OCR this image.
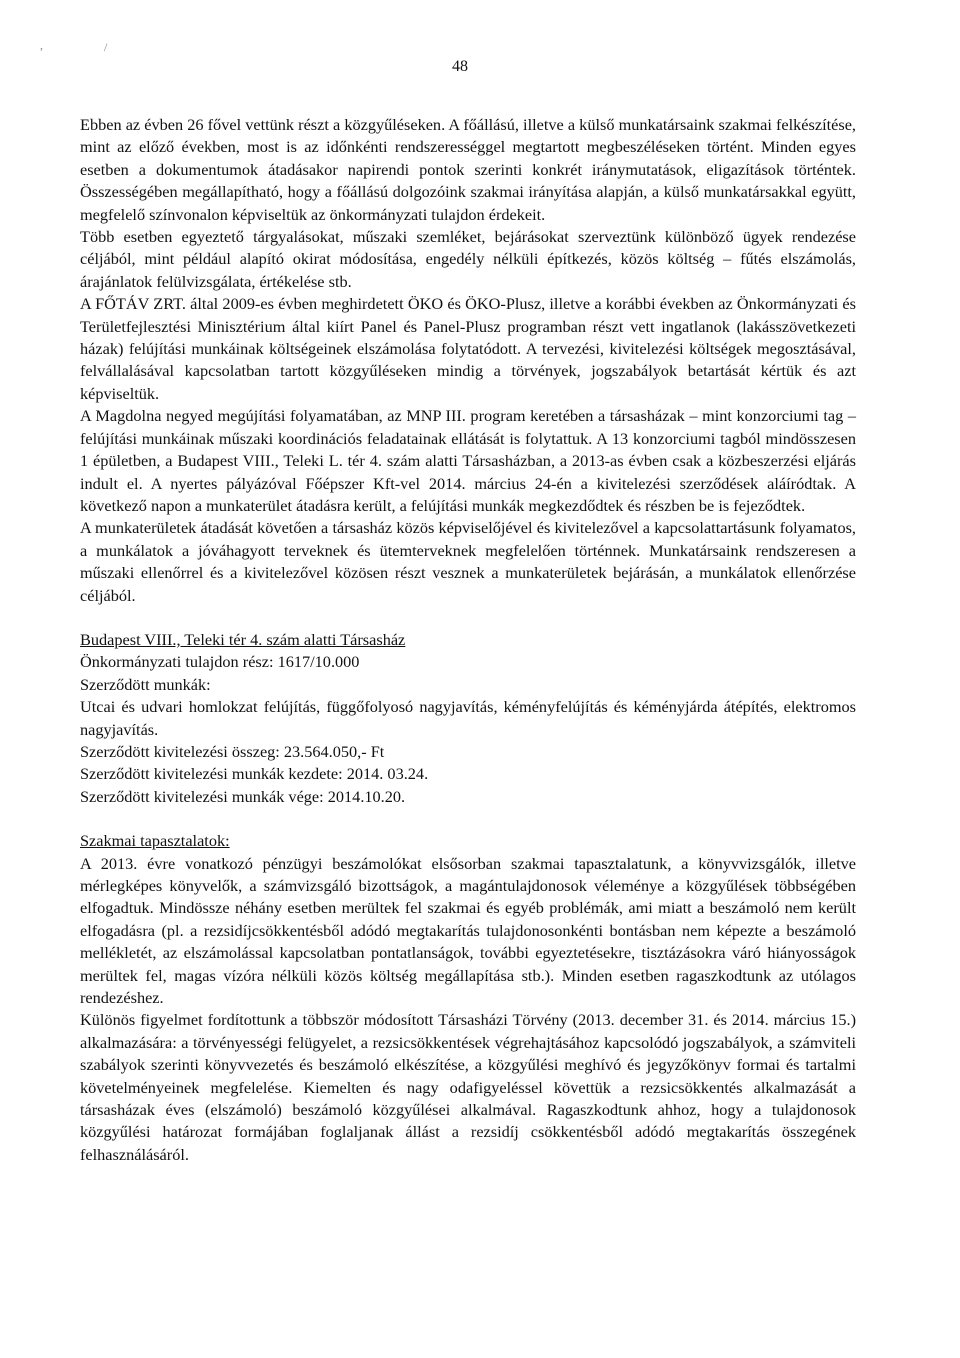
,	/
48

Ebben az évben 26 fővel vettünk részt a közgyűléseken. A főállású, illetve a külső munkatársaink szakmai felkészítése, mint az előző években, most is az időnkénti rendszerességgel megtartott megbeszéléseken történt. Minden egyes esetben a dokumentumok átadásakor napirendi pontok szerinti konkrét iránymutatások, eligazítások történtek. Összességében megállapítható, hogy a főállású dolgozóink szakmai irányítása alapján, a külső munkatársakkal együtt, megfelelő színvonalon képviseltük az önkormányzati tulajdon érdekeit.

Több esetben egyeztető tárgyalásokat, műszaki szemléket, bejárásokat szerveztünk különböző ügyek rendezése céljából, mint például alapító okirat módosítása, engedély nélküli építkezés, közös költség – fűtés elszámolás, árajánlatok felülvizsgálata, értékelése stb.

A FŐTÁV ZRT. által 2009-es évben meghirdetett ÖKO és ÖKO-Plusz, illetve a korábbi években az Önkormányzati és Területfejlesztési Minisztérium által kiírt Panel és Panel-Plusz programban részt vett ingatlanok (lakásszövetkezeti házak) felújítási munkáinak költségeinek elszámolása folytatódott. A tervezési, kivitelezési költségek megosztásával, felvállalásával kapcsolatban tartott közgyűléseken mindig a törvények, jogszabályok betartását kértük és azt képviseltük.

A Magdolna negyed megújítási folyamatában, az MNP III. program keretében a társasházak – mint konzorciumi tag – felújítási munkáinak műszaki koordinációs feladatainak ellátását is folytattuk. A 13 konzorciumi tagból mindösszesen 1 épületben, a Budapest VIII., Teleki L. tér 4. szám alatti Társasházban, a 2013-as évben csak a közbeszerzési eljárás indult el. A nyertes pályázóval Főépszer Kft-vel 2014. március 24-én a kivitelezési szerződések aláíródtak. A következő napon a munkaterület átadásra került, a felújítási munkák megkezdődtek és részben be is fejeződtek.

A munkaterületek átadását követően a társasház közös képviselőjével és kivitelezővel a kapcsolattartásunk folyamatos, a munkálatok a jóváhagyott terveknek és ütemterveknek megfelelően történnek. Munkatársaink rendszeresen a műszaki ellenőrrel és a kivitelezővel közösen részt vesznek a munkaterületek bejárásán, a munkálatok ellenőrzése céljából.

Budapest VIII., Teleki tér 4. szám alatti Társasház

Önkormányzati tulajdon rész: 1617/10.000

Szerződött munkák:

Utcai és udvari homlokzat felújítás, függőfolyosó nagyjavítás, kéményfelújítás és kéményjárda átépítés, elektromos nagyjavítás.

Szerződött kivitelezési összeg: 23.564.050,- Ft

Szerződött kivitelezési munkák kezdete: 2014. 03.24.

Szerződött kivitelezési munkák vége: 2014.10.20.

Szakmai tapasztalatok:

A 2013. évre vonatkozó pénzügyi beszámolókat elsősorban szakmai tapasztalatunk, a könyvvizsgálók, illetve mérlegképes könyvelők, a számvizsgáló bizottságok, a magántulajdonosok véleménye a közgyűlések többségében elfogadtuk. Mindössze néhány esetben merültek fel szakmai és egyéb problémák, ami miatt a beszámoló nem került elfogadásra (pl. a rezsidíjcsökkentésből adódó megtakarítás tulajdonosonkénti bontásban nem képezte a beszámoló mellékletét, az elszámolással kapcsolatban pontatlanságok, további egyeztetésekre, tisztázásokra váró hiányosságok merültek fel, magas vízóra nélküli közös költség megállapítása stb.). Minden esetben ragaszkodtunk az utólagos rendezéshez.

Különös figyelmet fordítottunk a többször módosított Társasházi Törvény (2013. december 31. és 2014. március 15.) alkalmazására: a törvényességi felügyelet, a rezsicsökkentések végrehajtásához kapcsolódó jogszabályok, a számviteli szabályok szerinti könyvvezetés és beszámoló elkészítése, a közgyűlési meghívó és jegyzőkönyv formai és tartalmi követelményeinek megfelelése. Kiemelten és nagy odafigyeléssel követtük a rezsicsökkentés alkalmazását a társasházak éves (elszámoló) beszámoló közgyűlései alkalmával. Ragaszkodtunk ahhoz, hogy a tulajdonosok közgyűlési határozat formájában foglaljanak állást a rezsidíj csökkentésből adódó megtakarítás összegének felhasználásáról.
